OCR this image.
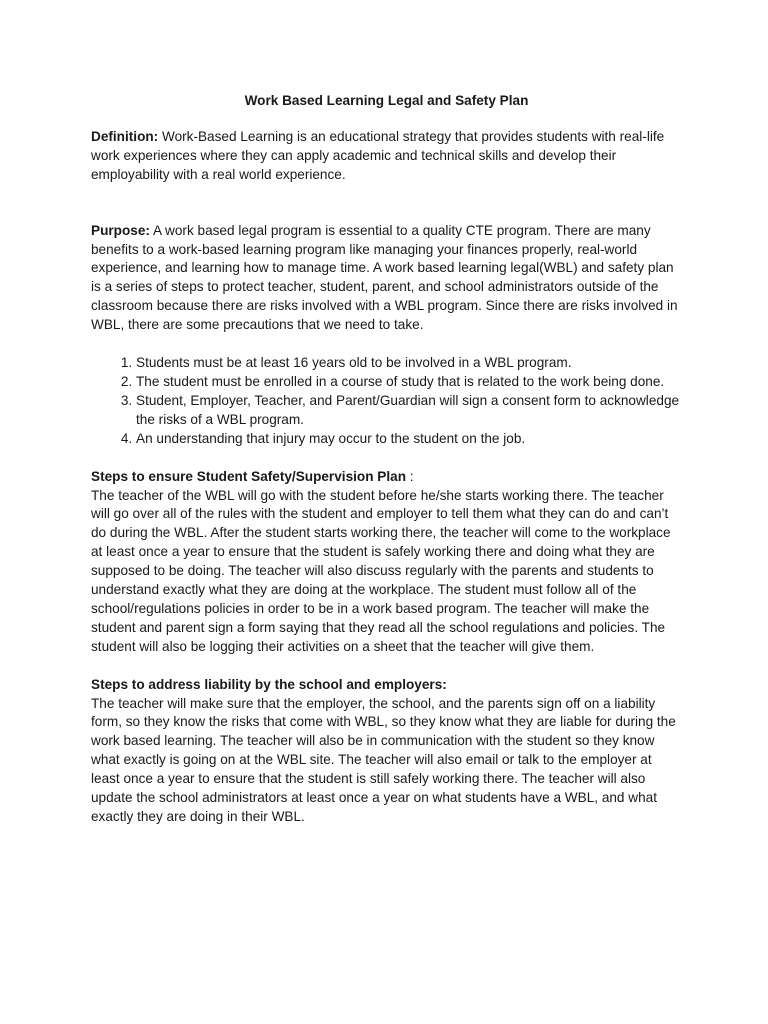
Work Based Learning Legal and Safety Plan

Definition: Work-Based Learning is an educational strategy that provides students with real-life work experiences where they can apply academic and technical skills and develop their employability with a real world experience.

Purpose: A work based legal program is essential to a quality CTE program. There are many benefits to a work-based learning program like managing your finances properly, real-world experience, and learning how to manage time. A work based learning legal(WBL) and safety plan is a series of steps to protect teacher, student, parent, and school administrators outside of the classroom because there are risks involved with a WBL program. Since there are risks involved in WBL, there are some precautions that we need to take.

1. Students must be at least 16 years old to be involved in a WBL program.
2. The student must be enrolled in a course of study that is related to the work being done.
3. Student, Employer, Teacher, and Parent/Guardian will sign a consent form to acknowledge the risks of a WBL program.
4. An understanding that injury may occur to the student on the job.

Steps to ensure Student Safety/Supervision Plan :

The teacher of the WBL will go with the student before he/she starts working there. The teacher will go over all of the rules with the student and employer to tell them what they can do and can’t do during the WBL. After the student starts working there, the teacher will come to the workplace at least once a year to ensure that the student is safely working there and doing what they are supposed to be doing. The teacher will also discuss regularly with the parents and students to understand exactly what they are doing at the workplace. The student must follow all of the school/regulations policies in order to be in a work based program. The teacher will make the student and parent sign a form saying that they read all the school regulations and policies. The student will also be logging their activities on a sheet that the teacher will give them.

Steps to address liability by the school and employers:

The teacher will make sure that the employer, the school, and the parents sign off on a liability form, so they know the risks that come with WBL, so they know what they are liable for during the work based learning. The teacher will also be in communication with the student so they know what exactly is going on at the WBL site. The teacher will also email or talk to the employer at least once a year to ensure that the student is still safely working there. The teacher will also update the school administrators at least once a year on what students have a WBL, and what exactly they are doing in their WBL.
